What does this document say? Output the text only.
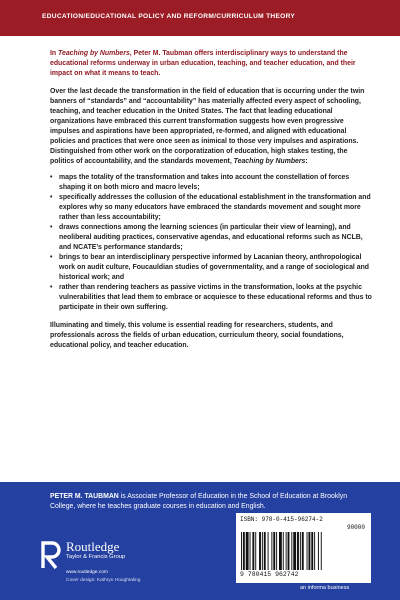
EDUCATION/EDUCATIONAL POLICY AND REFORM/CURRICULUM THEORY

In Teaching by Numbers, Peter M. Taubman offers interdisciplinary ways to understand the educational reforms underway in urban education, teaching, and teacher education, and their impact on what it means to teach.

Over the last decade the transformation in the field of education that is occurring under the twin banners of “standards” and “accountability” has materially affected every aspect of schooling, teaching, and teacher education in the United States. The fact that leading educational organizations have embraced this current transformation suggests how even progressive impulses and aspirations have been appropriated, re-formed, and aligned with educational policies and practices that were once seen as inimical to those very impulses and aspirations. Distinguished from other work on the corporatization of education, high stakes testing, the politics of accountability, and the standards movement, Teaching by Numbers:

• maps the totality of the transformation and takes into account the constellation of forces shaping it on both micro and macro levels;
• specifically addresses the collusion of the educational establishment in the transformation and explores why so many educators have embraced the standards movement and sought more rather than less accountability;
• draws connections among the learning sciences (in particular their view of learning), and neoliberal auditing practices, conservative agendas, and educational reforms such as NCLB, and NCATE’s performance standards;
• brings to bear an interdisciplinary perspective informed by Lacanian theory, anthropological work on audit culture, Foucauldian studies of governmentality, and a range of sociological and historical work; and
• rather than rendering teachers as passive victims in the transformation, looks at the psychic vulnerabilities that lead them to embrace or acquiesce to these educational reforms and thus to participate in their own suffering.

Illuminating and timely, this volume is essential reading for researchers, students, and professionals across the fields of urban education, curriculum theory, social foundations, educational policy, and teacher education.

PETER M. TAUBMAN is Associate Professor of Education in the School of Education at Brooklyn College, where he teaches graduate courses in education and English.
Routledge
Taylor & Francis Group
www.routledge.com
Cover design: Kathryn Houghtaling
ISBN: 978-0-415-96274-2
90000
9 780415 962742
an informa business
